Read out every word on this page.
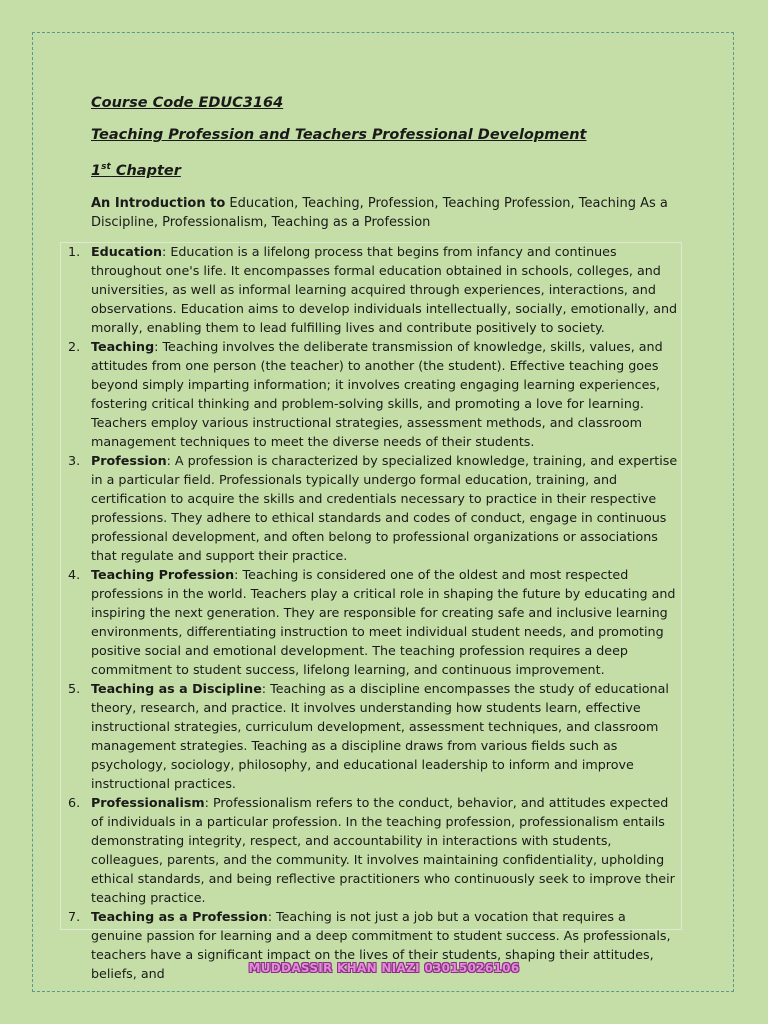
Course Code EDUC3164

Teaching Profession and Teachers Professional Development

1st Chapter

An Introduction to Education, Teaching, Profession, Teaching Profession, Teaching As a Discipline, Professionalism, Teaching as a Profession

1. Education: Education is a lifelong process that begins from infancy and continues throughout one's life. It encompasses formal education obtained in schools, colleges, and universities, as well as informal learning acquired through experiences, interactions, and observations. Education aims to develop individuals intellectually, socially, emotionally, and morally, enabling them to lead fulfilling lives and contribute positively to society.
2. Teaching: Teaching involves the deliberate transmission of knowledge, skills, values, and attitudes from one person (the teacher) to another (the student). Effective teaching goes beyond simply imparting information; it involves creating engaging learning experiences, fostering critical thinking and problem-solving skills, and promoting a love for learning. Teachers employ various instructional strategies, assessment methods, and classroom management techniques to meet the diverse needs of their students.
3. Profession: A profession is characterized by specialized knowledge, training, and expertise in a particular field. Professionals typically undergo formal education, training, and certification to acquire the skills and credentials necessary to practice in their respective professions. They adhere to ethical standards and codes of conduct, engage in continuous professional development, and often belong to professional organizations or associations that regulate and support their practice.
4. Teaching Profession: Teaching is considered one of the oldest and most respected professions in the world. Teachers play a critical role in shaping the future by educating and inspiring the next generation. They are responsible for creating safe and inclusive learning environments, differentiating instruction to meet individual student needs, and promoting positive social and emotional development. The teaching profession requires a deep commitment to student success, lifelong learning, and continuous improvement.
5. Teaching as a Discipline: Teaching as a discipline encompasses the study of educational theory, research, and practice. It involves understanding how students learn, effective instructional strategies, curriculum development, assessment techniques, and classroom management strategies. Teaching as a discipline draws from various fields such as psychology, sociology, philosophy, and educational leadership to inform and improve instructional practices.
6. Professionalism: Professionalism refers to the conduct, behavior, and attitudes expected of individuals in a particular profession. In the teaching profession, professionalism entails demonstrating integrity, respect, and accountability in interactions with students, colleagues, parents, and the community. It involves maintaining confidentiality, upholding ethical standards, and being reflective practitioners who continuously seek to improve their teaching practice.
7. Teaching as a Profession: Teaching is not just a job but a vocation that requires a genuine passion for learning and a deep commitment to student success. As professionals, teachers have a significant impact on the lives of their students, shaping their attitudes, beliefs, and	MUDDASSIR KHAN NIAZI 03015026106
